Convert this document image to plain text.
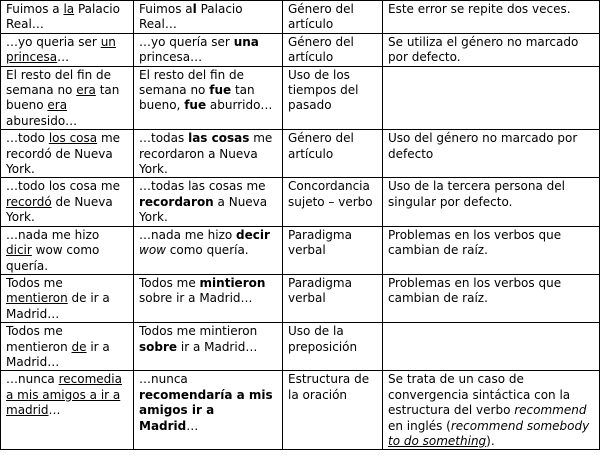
Fuimos a la Palacio Real…	Fuimos al Palacio Real…	Género del artículo	Este error se repite dos veces.
…yo queria ser un princesa…	…yo quería ser una princesa…	Género del artículo	Se utiliza el género no marcado por defecto.
El resto del fin de semana no era tan bueno era aburesido…	El resto del fin de semana no fue tan bueno, fue aburrido…	Uso de los tiempos del pasado	
…todo los cosa me recordó de Nueva York.	…todas las cosas me recordaron a Nueva York.	Género del artículo	Uso del género no marcado por defecto
…todo los cosa me recordó de Nueva York.	…todas las cosas me recordaron a Nueva York.	Concordancia sujeto – verbo	Uso de la tercera persona del singular por defecto.
…nada me hizo dicir wow como quería.	…nada me hizo decir wow como quería.	Paradigma verbal	Problemas en los verbos que cambian de raíz.
Todos me mentieron de ir a Madrid…	Todos me mintieron sobre ir a Madrid…	Paradigma verbal	Problemas en los verbos que cambian de raíz.
Todos me mentieron de ir a Madrid…	Todos me mintieron sobre ir a Madrid…	Uso de la preposición	
…nunca recomedia a mis amigos a ir a madrid…	…nunca recomendaría a mis amigos ir a Madrid…	Estructura de la oración	Se trata de un caso de convergencia sintáctica con la estructura del verbo recommend en inglés (recommend somebody to do something).
